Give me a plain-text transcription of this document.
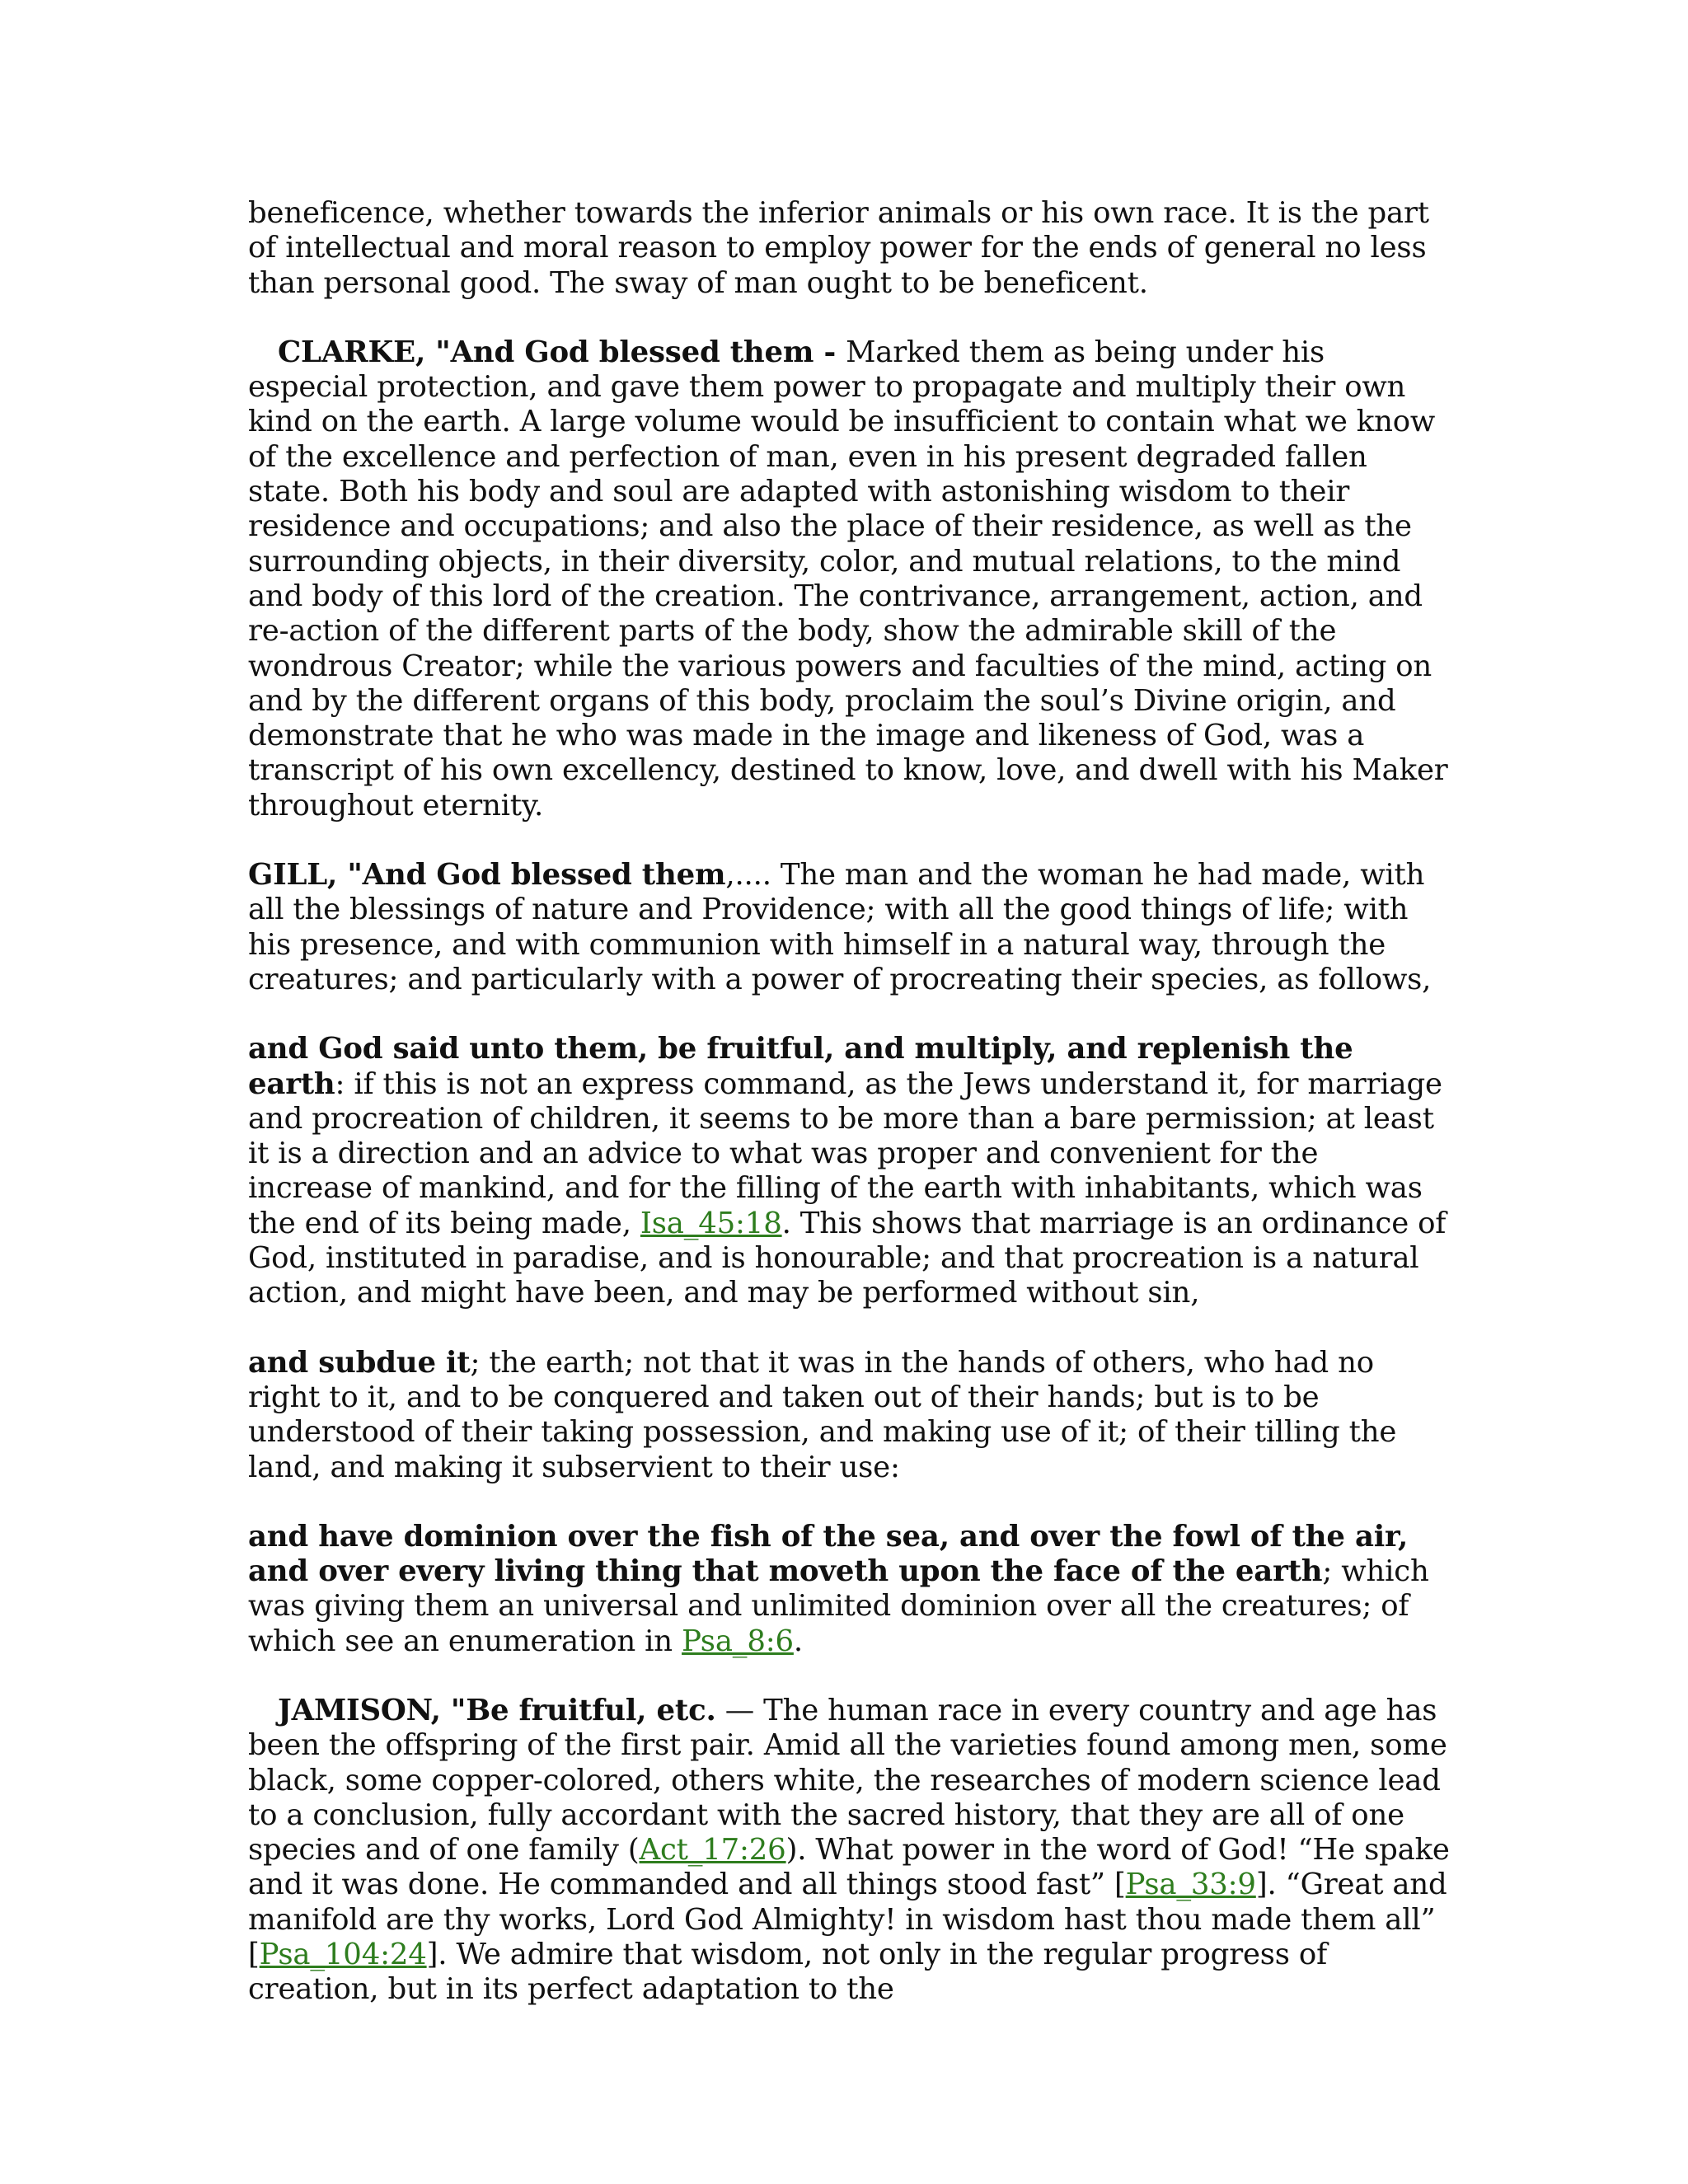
beneficence, whether towards the inferior animals or his own race. It is the part of intellectual and moral reason to employ power for the ends of general no less than personal good. The sway of man ought to be beneficent.

CLARKE, "And God blessed them - Marked them as being under his especial protection, and gave them power to propagate and multiply their own kind on the earth. A large volume would be insufficient to contain what we know of the excellence and perfection of man, even in his present degraded fallen state. Both his body and soul are adapted with astonishing wisdom to their residence and occupations; and also the place of their residence, as well as the surrounding objects, in their diversity, color, and mutual relations, to the mind and body of this lord of the creation. The contrivance, arrangement, action, and re-action of the different parts of the body, show the admirable skill of the wondrous Creator; while the various powers and faculties of the mind, acting on and by the different organs of this body, proclaim the soul’s Divine origin, and demonstrate that he who was made in the image and likeness of God, was a transcript of his own excellency, destined to know, love, and dwell with his Maker throughout eternity.

GILL, "And God blessed them,.... The man and the woman he had made, with all the blessings of nature and Providence; with all the good things of life; with his presence, and with communion with himself in a natural way, through the creatures; and particularly with a power of procreating their species, as follows,

and God said unto them, be fruitful, and multiply, and replenish the earth: if this is not an express command, as the Jews understand it, for marriage and procreation of children, it seems to be more than a bare permission; at least it is a direction and an advice to what was proper and convenient for the increase of mankind, and for the filling of the earth with inhabitants, which was the end of its being made, Isa_45:18. This shows that marriage is an ordinance of God, instituted in paradise, and is honourable; and that procreation is a natural action, and might have been, and may be performed without sin,

and subdue it; the earth; not that it was in the hands of others, who had no right to it, and to be conquered and taken out of their hands; but is to be understood of their taking possession, and making use of it; of their tilling the land, and making it subservient to their use:

and have dominion over the fish of the sea, and over the fowl of the air, and over every living thing that moveth upon the face of the earth; which was giving them an universal and unlimited dominion over all the creatures; of which see an enumeration in Psa_8:6.

JAMISON, "Be fruitful, etc. — The human race in every country and age has been the offspring of the first pair. Amid all the varieties found among men, some black, some copper-colored, others white, the researches of modern science lead to a conclusion, fully accordant with the sacred history, that they are all of one species and of one family (Act_17:26). What power in the word of God! “He spake and it was done. He commanded and all things stood fast” [Psa_33:9]. “Great and manifold are thy works, Lord God Almighty! in wisdom hast thou made them all” [Psa_104:24]. We admire that wisdom, not only in the regular progress of creation, but in its perfect adaptation to the
